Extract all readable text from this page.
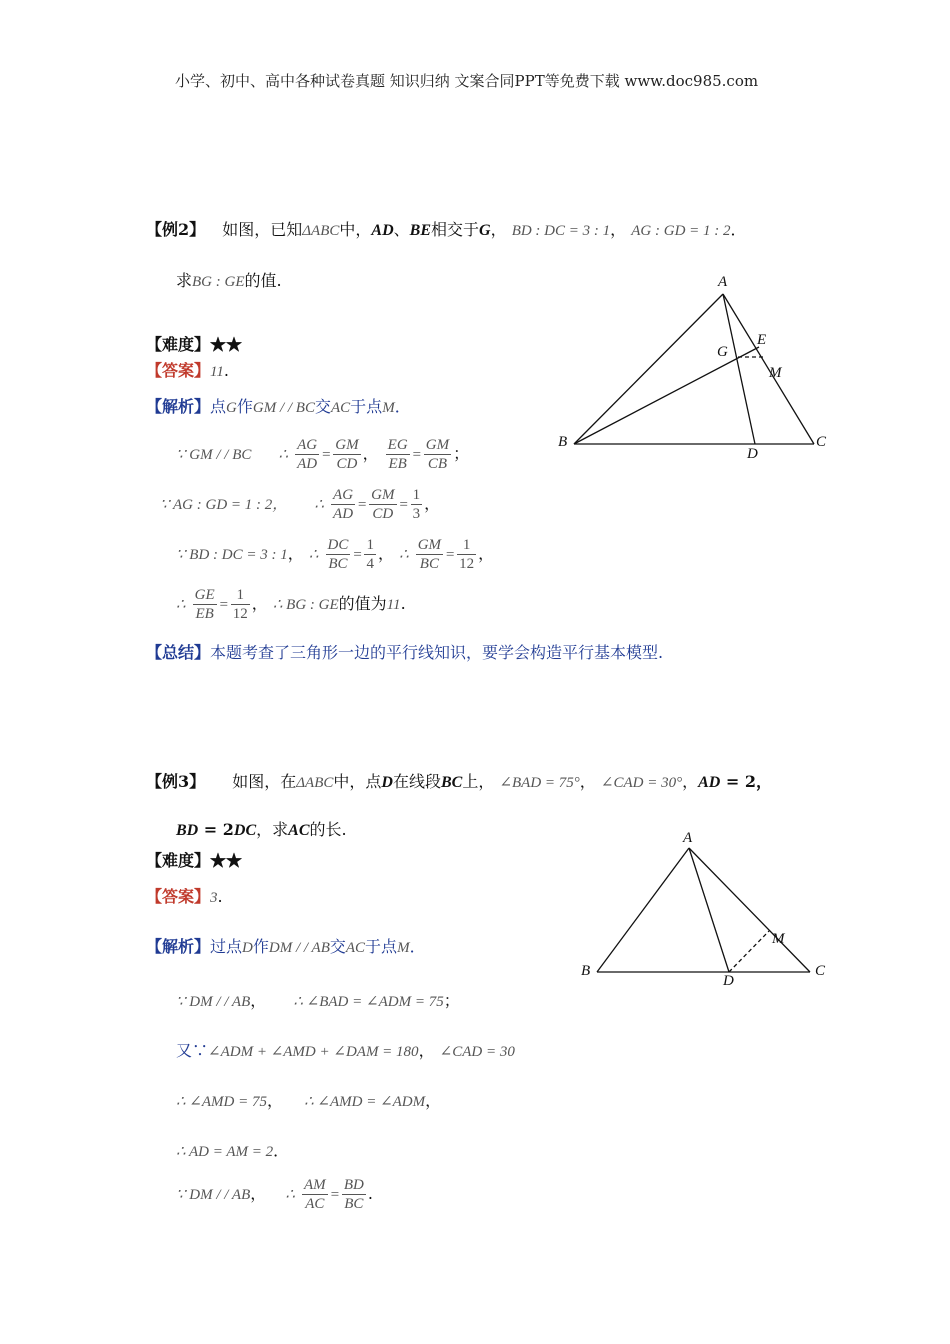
小学、初中、高中各种试卷真题 知识归纳 文案合同PPT等免费下载 www.doc985.com
【例2】 如图，已知ΔABC中，AD、BE相交于G， BD : DC = 3 : 1， AG : GD = 1 : 2．
求BG : GE的值.
【难度】★★
【答案】11.
【解析】点G作GM / / BC交AC于点M．
∵ GM / / BC ∴ $\frac{AG}{AD} = \frac{GM}{CD}$ ， $\frac{EG}{EB} = \frac{GM}{CB}$ ；
∵ AG : GD = 1 : 2， ∴ $\frac{AG}{AD} = \frac{GM}{CD} = \frac{1}{3}$ ，
∵ BD : DC = 3 : 1， ∴ $\frac{DC}{BC} = \frac{1}{4}$ ， ∴ $\frac{GM}{BC} = \frac{1}{12}$ ，
∴ $\frac{GE}{EB} = \frac{1}{12}$ ， ∴ BG : GE的值为11.
【总结】本题考查了三角形一边的平行线知识，要学会构造平行基本模型.
A
B	C
D
E
G
M
【例3】 如图，在ΔABC中，点D在线段BC上， ∠BAD = 75°， ∠CAD = 30°，AD = 2，
BD = 2DC，求AC的长.
【难度】★★
【答案】3.
【解析】过点D作DM / / AB交AC于点M．
∵ DM / / AB， ∴ ∠BAD = ∠ADM = 75；
又∵∠ADM + ∠AMD + ∠DAM = 180， ∠CAD = 30
∴ ∠AMD = 75， ∴ ∠AMD = ∠ADM，
∴ AD = AM = 2．
∵ DM / / AB， ∴ $\frac{AM}{AC} = \frac{BD}{BC}$ .
A
B	C
D
M
